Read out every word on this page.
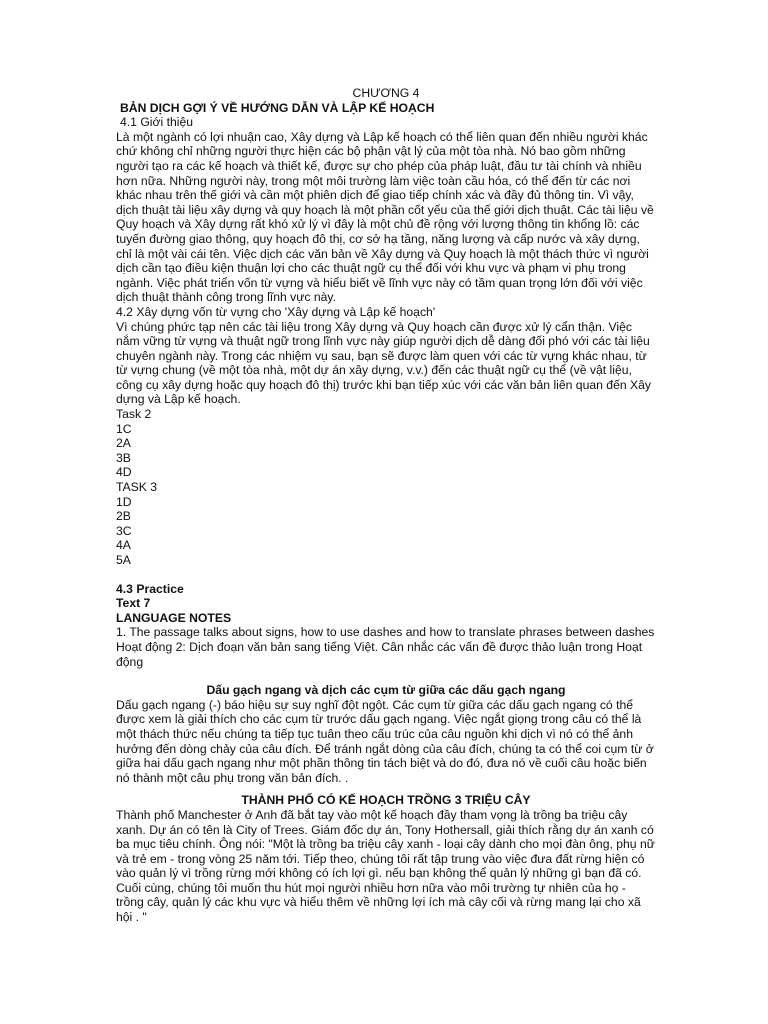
CHƯƠNG 4

BẢN DỊCH GỢI Ý VỀ HƯỚNG DẪN VÀ LẬP KẾ HOẠCH

4.1 Giới thiệu

Là một ngành có lợi nhuận cao, Xây dựng và Lập kế hoạch có thể liên quan đến nhiều người khác chứ không chỉ những người thực hiện các bộ phận vật lý của một tòa nhà. Nó bao gồm những người tạo ra các kế hoạch và thiết kế, được sự cho phép của pháp luật, đầu tư tài chính và nhiều hơn nữa. Những người này, trong một môi trường làm việc toàn cầu hóa, có thể đến từ các nơi khác nhau trên thế giới và cần một phiên dịch để giao tiếp chính xác và đầy đủ thông tin. Vì vậy, dịch thuật tài liệu xây dựng và quy hoạch là một phần cốt yếu của thế giới dịch thuật. Các tài liệu về Quy hoạch và Xây dựng rất khó xử lý vì đây là một chủ đề rộng với lượng thông tin khổng lồ: các tuyến đường giao thông, quy hoạch đô thị, cơ sở hạ tầng, năng lượng và cấp nước và xây dựng, chỉ là một vài cái tên. Việc dịch các văn bản về Xây dựng và Quy hoạch là một thách thức vì người dịch cần tạo điều kiện thuận lợi cho các thuật ngữ cụ thể đối với khu vực và phạm vi phụ trong ngành. Việc phát triển vốn từ vựng và hiểu biết về lĩnh vực này có tầm quan trọng lớn đối với việc dịch thuật thành công trong lĩnh vực này.

4.2 Xây dựng vốn từ vựng cho 'Xây dựng và Lập kế hoạch'

Vì chúng phức tạp nên các tài liệu trong Xây dựng và Quy hoạch cần được xử lý cẩn thận. Việc nắm vững từ vựng và thuật ngữ trong lĩnh vực này giúp người dịch dễ dàng đối phó với các tài liệu chuyên ngành này. Trong các nhiệm vụ sau, bạn sẽ được làm quen với các từ vựng khác nhau, từ từ vựng chung (về một tòa nhà, một dự án xây dựng, v.v.) đến các thuật ngữ cụ thể (về vật liệu, công cụ xây dựng hoặc quy hoạch đô thị) trước khi bạn tiếp xúc với các văn bản liên quan đến Xây dựng và Lập kế hoạch.

Task 2

1C

2A

3B

4D

TASK 3

1D

2B

3C

4A

5A

4.3 Practice

Text 7

LANGUAGE NOTES

1. The passage talks about signs, how to use dashes and how to translate phrases between dashes

Hoạt động 2: Dịch đoạn văn bản sang tiếng Việt. Cân nhắc các vấn đề được thảo luận trong Hoạt động

Dấu gạch ngang và dịch các cụm từ giữa các dấu gạch ngang

Dấu gạch ngang (-) báo hiệu sự suy nghĩ đột ngột. Các cụm từ giữa các dấu gạch ngang có thể được xem là giải thích cho các cụm từ trước dấu gạch ngang. Việc ngắt giọng trong câu có thể là một thách thức nếu chúng ta tiếp tục tuân theo cấu trúc của câu nguồn khi dịch vì nó có thể ảnh hưởng đến dòng chảy của câu đích. Để tránh ngắt dòng của câu đích, chúng ta có thể coi cụm từ ở giữa hai dấu gạch ngang như một phần thông tin tách biệt và do đó, đưa nó về cuối câu hoặc biến nó thành một câu phụ trong văn bản đích. .

THÀNH PHỐ CÓ KẾ HOẠCH TRỒNG 3 TRIỆU CÂY

Thành phố Manchester ở Anh đã bắt tay vào một kế hoạch đầy tham vọng là trồng ba triệu cây xanh. Dự án có tên là City of Trees. Giám đốc dự án, Tony Hothersall, giải thích rằng dự án xanh có ba mục tiêu chính. Ông nói: "Một là trồng ba triệu cây xanh - loại cây dành cho mọi đàn ông, phụ nữ và trẻ em - trong vòng 25 năm tới. Tiếp theo, chúng tôi rất tập trung vào việc đưa đất rừng hiện có vào quản lý vì trồng rừng mới không có ích lợi gì. nếu bạn không thể quản lý những gì bạn đã có. Cuối cùng, chúng tôi muốn thu hút mọi người nhiều hơn nữa vào môi trường tự nhiên của họ - trồng cây, quản lý các khu vực và hiểu thêm về những lợi ích mà cây cối và rừng mang lại cho xã hội . "
